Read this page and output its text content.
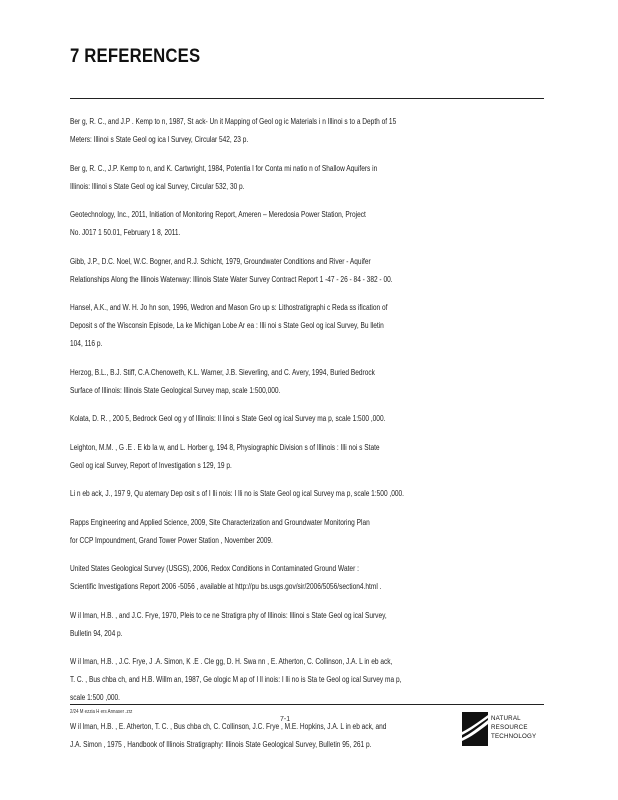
7 REFERENCES
Ber g, R. C., and J.P . Kemp to n, 1987, St ack- Un it Mapping of Geol og ic Materials i n Illinoi s to a Depth of 15
Meters: Illinoi s State Geol og ica l Survey, Circular 542, 23 p.
Ber g, R. C., J.P. Kemp to n, and K. Cartwright, 1984, Potentia l for Conta mi natio n of Shallow Aquifers in
Illinois: Illinoi s State Geol og ical Survey, Circular 532, 30 p.
Geotechnology, Inc., 2011, Initiation of Monitoring Report, Ameren – Meredosia Power Station, Project
No. J017 1 50.01, February 1 8, 2011.
Gibb, J.P., D.C. Noel, W.C. Bogner, and R.J. Schicht, 1979, Groundwater Conditions and River - Aquifer
Relationships Along the Illinois Waterway: Illinois State Water Survey Contract Report 1 -47 - 26 - 84 - 382 - 00.
Hansel, A.K., and W. H. Jo hn son, 1996, Wedron and Mason Gro up s: Lithostratigraphi c Reda ss ification of
Deposit s of the Wisconsin Episode, La ke Michigan Lobe Ar ea : Illi noi s State Geol og ical Survey, Bu lletin
104, 116 p.
Herzog, B.L., B.J. Stiff, C.A.Chenoweth, K.L. Warner, J.B. Sieverling, and C. Avery, 1994, Buried Bedrock
Surface of Illinois: Illinois State Geological Survey map, scale 1:500,000.
Kolata, D. R. , 200 5, Bedrock Geol og y of Illinois: Il linoi s State Geol og ical Survey ma p, scale 1:500 ,000.
Leighton, M.M. , G .E . E kb la w, and L. Horber g, 194 8, Physiographic Division s of Illinois : Illi noi s State
Geol og ical Survey, Report of Investigation s 129, 19 p.
Li n eb ack, J., 197 9, Qu aternary Dep osit s of I lli nois: I lli no is State Geol og ical Survey ma p, scale 1:500 ,000.
Rapps Engineering and Applied Science, 2009, Site Characterization and Groundwater Monitoring Plan
for CCP Impoundment, Grand Tower Power Station , November 2009.
United States Geological Survey (USGS), 2006, Redox Conditions in Contaminated Ground Water :
Scientific Investigations Report 2006 -5056 , available at http://pu bs.usgs.gov/sir/2006/5056/section4.html .
W il lman, H.B. , and J.C. Frye, 1970, Pleis to ce ne Stratigra phy of Illinois: Illinoi s State Geol og ical Survey,
Bulletin 94, 204 p.
W il lman, H.B. , J.C. Frye, J .A. Simon, K .E . Cle gg, D. H. Swa nn , E. Atherton, C. Collinson, J.A. L in eb ack,
T. C. , Bus chba ch, and H.B. Willm an, 1987, Ge ologic M ap of I ll inois: I lli no is Sta te Geol og ical Survey ma p,
scale 1:500 ,000.
W il lman, H.B. , E. Atherton, T. C. , Bus chba ch, C. Collinson, J.C. Frye , M.E. Hopkins, J.A. L in eb ack, and
J.A. Simon , 1975 , Handbook of Illinois Stratigraphy: Illinois State Geological Survey, Bulletin 95, 261 p.
2/24 M ezzia H ers Annaser .zrz
7-1	NATURAL
RESOURCE
TECHNOLOGY
